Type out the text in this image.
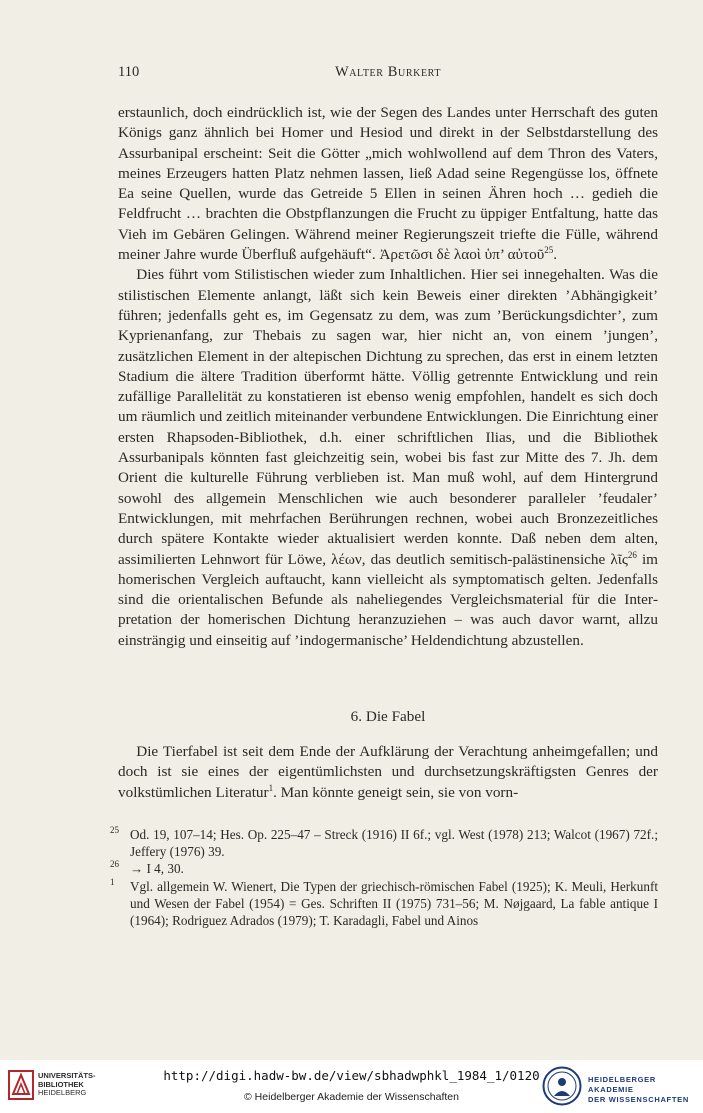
110	Walter Burkert

erstaunlich, doch eindrücklich ist, wie der Segen des Landes unter Herrschaft des guten Königs ganz ähnlich bei Homer und Hesiod und direkt in der Selbstdarstellung des Assurbanipal erscheint: Seit die Götter „mich wohlwollend auf dem Thron des Vaters, meines Erzeugers hatten Platz nehmen lassen, ließ Adad seine Regengüsse los, öffnete Ea seine Quellen, wurde das Getreide 5 Ellen in seinen Ähren hoch … gedieh die Feldfrucht … brachten die Obstpflanzungen die Frucht zu üppiger Entfaltung, hatte das Vieh im Gebären Gelingen. Während meiner Regierungszeit triefte die Fülle, während meiner Jahre wurde Überfluß aufgehäuft“. Ἀρετῶσι δὲ λαοὶ ὑπ’ αὐτοῦ$^{25}$.

Dies führt vom Stilistischen wieder zum Inhaltlichen. Hier sei innegehalten. Was die stilistischen Elemente anlangt, läßt sich kein Beweis einer direkten ’Abhängigkeit’ führen; jedenfalls geht es, im Gegensatz zu dem, was zum ’Berückungsdichter’, zum Kyprienanfang, zur Thebais zu sagen war, hier nicht an, von einem ’jungen’, zusätzlichen Element in der altepischen Dichtung zu sprechen, das erst in einem letzten Stadium die ältere Tradition überformt hätte. Völlig getrennte Entwicklung und rein zufällige Parallelität zu konstatieren ist ebenso wenig empfohlen, handelt es sich doch um räumlich und zeitlich miteinander verbundene Entwicklungen. Die Einrichtung einer ersten Rhapsoden-Bibliothek, d.h. einer schriftlichen Ilias, und die Bibliothek Assurbanipals könnten fast gleichzeitig sein, wobei bis fast zur Mitte des 7. Jh. dem Orient die kulturelle Führung verblieben ist. Man muß wohl, auf dem Hintergrund sowohl des allgemein Menschlichen wie auch besonderer paralleler ’feudaler’ Entwicklungen, mit mehrfachen Berührungen rechnen, wobei auch Bronzezeitliches durch spätere Kontakte wieder aktualisiert werden konnte. Daß neben dem alten, assimilierten Lehnwort für Löwe, λέων, das deutlich semitisch-palästinensiche λῖς$^{26}$ im homerischen Vergleich auftaucht, kann vielleicht als symptomatisch gelten. Jedenfalls sind die orientalischen Befunde als naheliegendes Vergleichsmaterial für die Interpretation der homerischen Dichtung heranzuziehen – was auch davor warnt, allzu einsträngig und einseitig auf ’indogermanische’ Heldendichtung abzustellen.

6. Die Fabel

Die Tierfabel ist seit dem Ende der Aufklärung der Verachtung anheimgefallen; und doch ist sie eines der eigentümlichsten und durchsetzungskräftigsten Genres der volkstümlichen Literatur$^1$. Man könnte geneigt sein, sie von vorn-

25 Od. 19, 107–14; Hes. Op. 225–47 – Streck (1916) II 6f.; vgl. West (1978) 213; Walcot (1967) 72f.; Jeffery (1976) 39.

26 → I 4, 30.

1 Vgl. allgemein W. Wienert, Die Typen der griechisch-römischen Fabel (1925); K. Meuli, Herkunft und Wesen der Fabel (1954) = Ges. Schriften II (1975) 731–56; M. Nøjgaard, La fable antique I (1964); Rodriguez Adrados (1979); T. Karadagli, Fabel und Ainos

UNIVERSITÄTS-
BIBLIOTHEK
HEIDELBERG
http://digi.hadw-bw.de/view/sbhadwphkl_1984_1/0120
© Heidelberger Akademie der Wissenschaften
HEIDELBERGER AKADEMIE
DER WISSENSCHAFTEN
